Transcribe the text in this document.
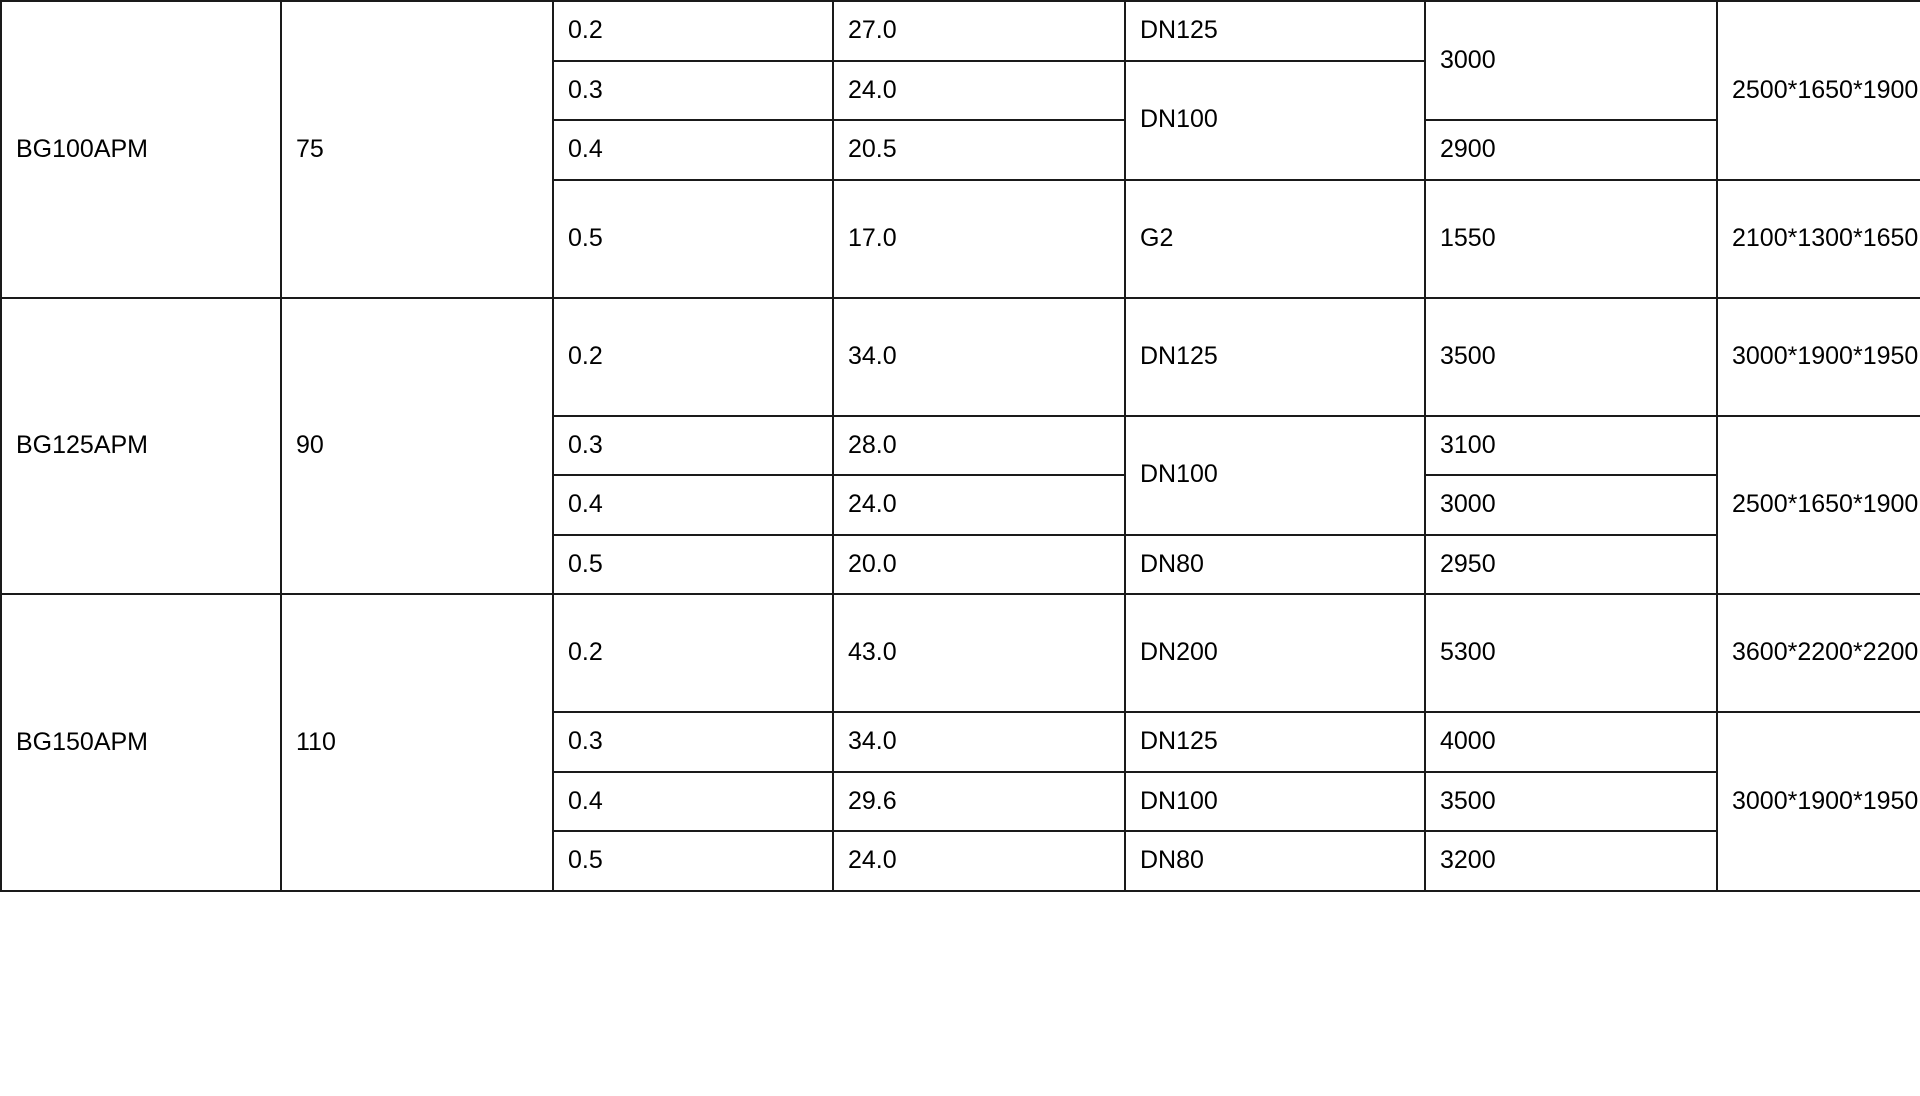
BG100APM	75	0.2	27.0	DN125	3000	2500*1650*1900
		0.3	24.0	DN100		
		0.4	20.5		2900	
		0.5	17.0	G2	1550	2100*1300*1650
BG125APM	90	0.2	34.0	DN125	3500	3000*1900*1950
		0.3	28.0	DN100	3100	2500*1650*1900
		0.4	24.0		3000	
		0.5	20.0	DN80	2950	
BG150APM	110	0.2	43.0	DN200	5300	3600*2200*2200
		0.3	34.0	DN125	4000	3000*1900*1950
		0.4	29.6	DN100	3500	
		0.5	24.0	DN80	3200	
